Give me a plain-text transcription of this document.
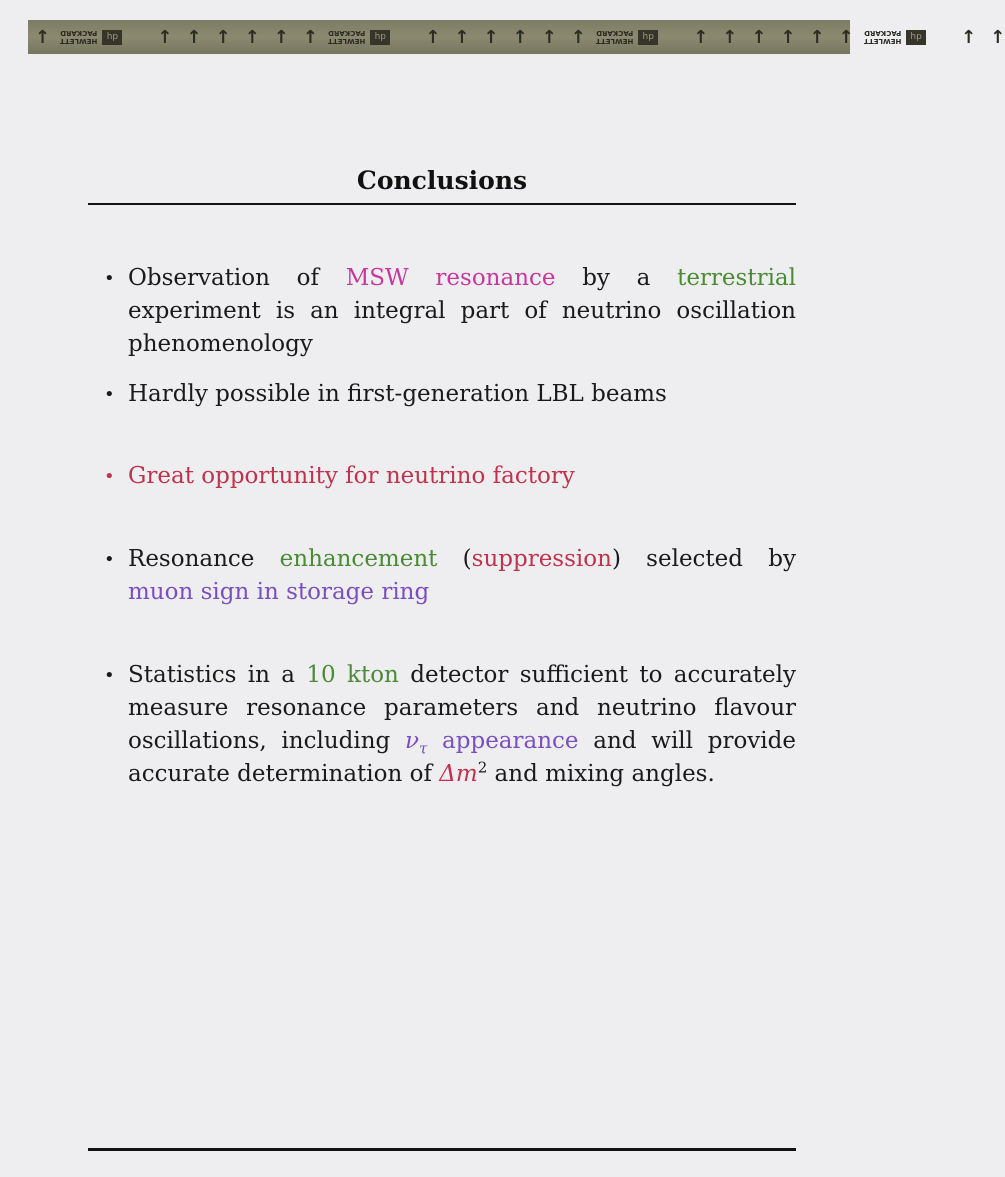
↑ HEWLETT
PACKARD	hp ↑ ↑ ↑ ↑ ↑ ↑ HEWLETT
PACKARD	hp ↑ ↑ ↑ ↑ ↑ ↑ HEWLETT
PACKARD	hp ↑ ↑ ↑ ↑ ↑ ↑ HEWLETT
PACKARD	hp ↑ ↑
Conclusions
• Observation of MSW resonance by a terrestrial experiment is an integral part of neutrino oscillation phenomenology
• Hardly possible in first-generation LBL beams
• Great opportunity for neutrino factory
• Resonance enhancement (suppression) selected by muon sign in storage ring
• Statistics in a 10 kton detector sufficient to accurately measure resonance parameters and neutrino flavour oscillations, including $\nu_\tau$ appearance and will provide accurate determination of $\Delta m^2$ and mixing angles.
